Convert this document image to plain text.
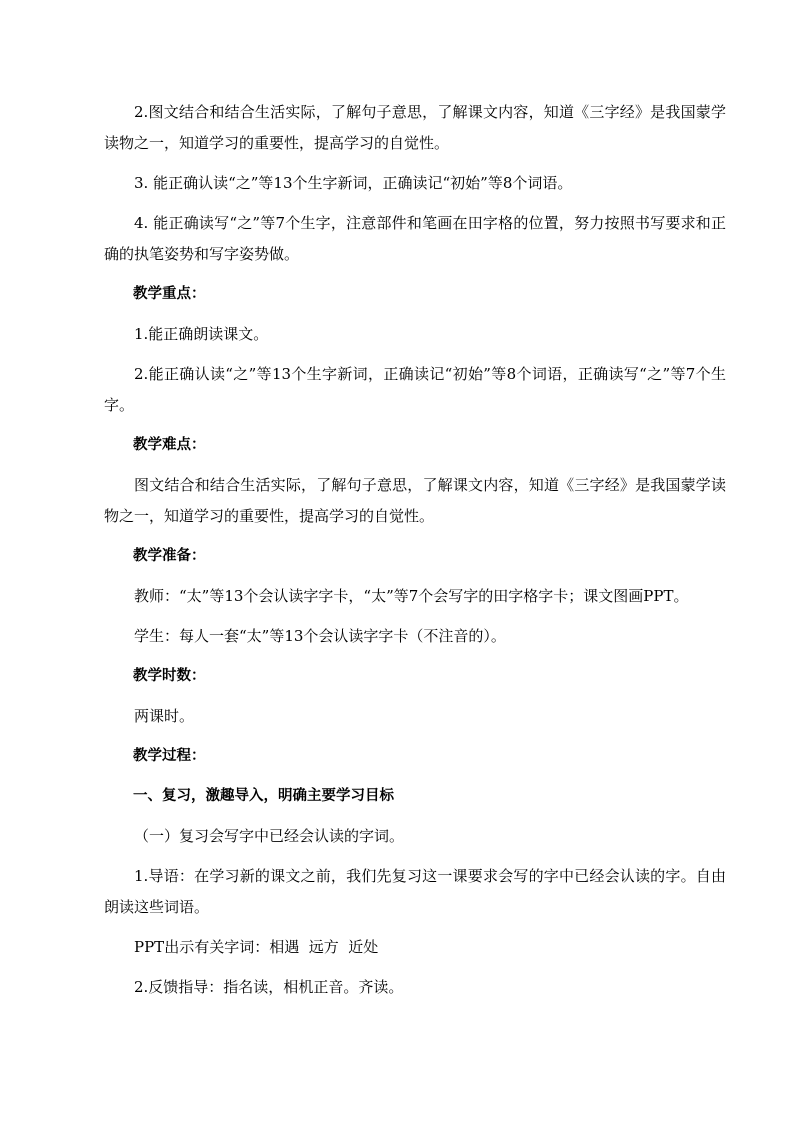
2.图文结合和结合生活实际，了解句子意思，了解课文内容，知道《三字经》是我国蒙学读物之一，知道学习的重要性，提高学习的自觉性。

3. 能正确认读“之”等13个生字新词，正确读记“初始”等8个词语。

4. 能正确读写“之”等7个生字，注意部件和笔画在田字格的位置，努力按照书写要求和正确的执笔姿势和写字姿势做。

教学重点：

1.能正确朗读课文。

2.能正确认读“之”等13个生字新词，正确读记“初始”等8个词语，正确读写“之”等7个生字。

教学难点：

图文结合和结合生活实际，了解句子意思，了解课文内容，知道《三字经》是我国蒙学读物之一，知道学习的重要性，提高学习的自觉性。

教学准备：

教师：“太”等13个会认读字字卡，“太”等7个会写字的田字格字卡；课文图画PPT。

学生：每人一套“太”等13个会认读字字卡（不注音的）。

教学时数：

两课时。

教学过程：

一、复习，激趣导入，明确主要学习目标

（一）复习会写字中已经会认读的字词。

1.导语：在学习新的课文之前，我们先复习这一课要求会写的字中已经会认读的字。自由朗读这些词语。

PPT出示有关字词：相遇  远方  近处

2.反馈指导：指名读，相机正音。齐读。
